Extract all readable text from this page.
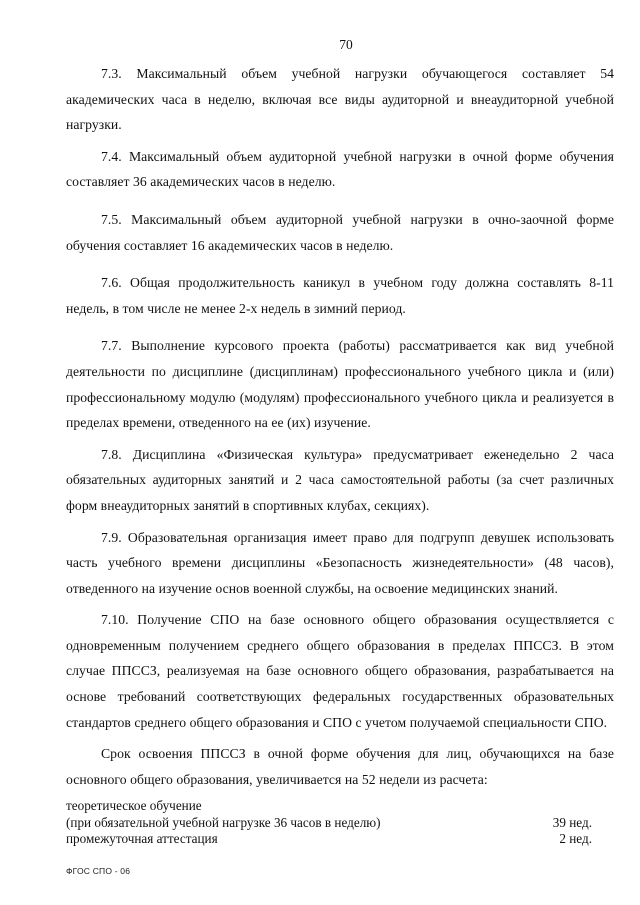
70

7.3. Максимальный объем учебной нагрузки обучающегося составляет 54 академических часа в неделю, включая все виды аудиторной и внеаудиторной учебной нагрузки.

7.4. Максимальный объем аудиторной учебной нагрузки в очной форме обучения составляет 36 академических часов в неделю.

7.5. Максимальный объем аудиторной учебной нагрузки в очно-заочной форме обучения составляет 16 академических часов в неделю.

7.6. Общая продолжительность каникул в учебном году должна составлять 8-11 недель, в том числе не менее 2-х недель в зимний период.

7.7. Выполнение курсового проекта (работы) рассматривается как вид учебной деятельности по дисциплине (дисциплинам) профессионального учебного цикла и (или) профессиональному модулю (модулям) профессионального учебного цикла и реализуется в пределах времени, отведенного на ее (их) изучение.

7.8. Дисциплина «Физическая культура» предусматривает еженедельно 2 часа обязательных аудиторных занятий и 2 часа самостоятельной работы (за счет различных форм внеаудиторных занятий в спортивных клубах, секциях).

7.9. Образовательная организация имеет право для подгрупп девушек использовать часть учебного времени дисциплины «Безопасность жизнедеятельности» (48 часов), отведенного на изучение основ военной службы, на освоение медицинских знаний.

7.10. Получение СПО на базе основного общего образования осуществляется с одновременным получением среднего общего образования в пределах ППССЗ. В этом случае ППССЗ, реализуемая на базе основного общего образования, разрабатывается на основе требований соответствующих федеральных государственных образовательных стандартов среднего общего образования и СПО с учетом получаемой специальности СПО.

Срок освоения ППССЗ в очной форме обучения для лиц, обучающихся на базе основного общего образования, увеличивается на 52 недели из расчета:

теоретическое обучение
(при обязательной учебной нагрузке 36 часов в неделю)	39 нед.
промежуточная аттестация	2 нед.
ФГОС СПО - 06
